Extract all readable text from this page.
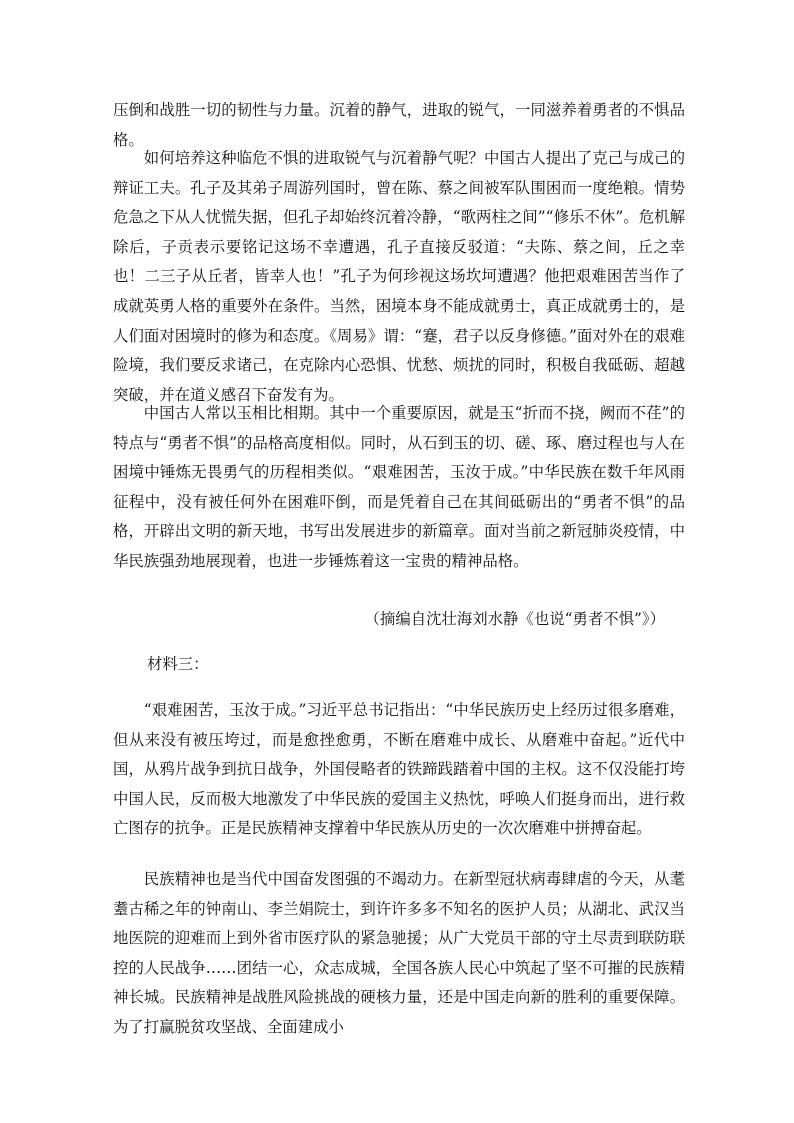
压倒和战胜一切的韧性与力量。沉着的静气，进取的锐气，一同滋养着勇者的不惧品格。

如何培养这种临危不惧的进取锐气与沉着静气呢？中国古人提出了克己与成己的辩证工夫。孔子及其弟子周游列国时，曾在陈、蔡之间被军队围困而一度绝粮。情势危急之下从人忧慌失据，但孔子却始终沉着冷静，“歌两柱之间”“修乐不休”。危机解除后，子贡表示要铭记这场不幸遭遇，孔子直接反驳道：“夫陈、蔡之间，丘之幸也！二三子从丘者，皆幸人也！”孔子为何珍视这场坎坷遭遇？他把艰难困苦当作了成就英勇人格的重要外在条件。当然，困境本身不能成就勇士，真正成就勇士的，是人们面对困境时的修为和态度。《周易》谓：“蹇，君子以反身修德。”面对外在的艰难险境，我们要反求诸己，在克除内心恐惧、忧愁、烦扰的同时，积极自我砥砺、超越突破，并在道义感召下奋发有为。

中国古人常以玉相比相期。其中一个重要原因，就是玉“折而不挠，阙而不荏”的特点与“勇者不惧”的品格高度相似。同时，从石到玉的切、磋、琢、磨过程也与人在困境中锤炼无畏勇气的历程相类似。“艰难困苦，玉汝于成。”中华民族在数千年风雨征程中，没有被任何外在困难吓倒，而是凭着自己在其间砥砺出的“勇者不惧”的品格，开辟出文明的新天地，书写出发展进步的新篇章。面对当前之新冠肺炎疫情，中华民族强劲地展现着，也进一步锤炼着这一宝贵的精神品格。

（摘编自沈壮海刘水静《也说“勇者不惧”》）

材料三：

“艰难困苦，玉汝于成。”习近平总书记指出：“中华民族历史上经历过很多磨难，但从来没有被压垮过，而是愈挫愈勇，不断在磨难中成长、从磨难中奋起。”近代中国，从鸦片战争到抗日战争，外国侵略者的铁蹄践踏着中国的主权。这不仅没能打垮中国人民，反而极大地激发了中华民族的爱国主义热忱，呼唤人们挺身而出，进行救亡图存的抗争。正是民族精神支撑着中华民族从历史的一次次磨难中拼搏奋起。

民族精神也是当代中国奋发图强的不竭动力。在新型冠状病毒肆虐的今天，从耄耋古稀之年的钟南山、李兰娟院士，到许许多多不知名的医护人员；从湖北、武汉当地医院的迎难而上到外省市医疗队的紧急驰援；从广大党员干部的守土尽责到联防联控的人民战争……团结一心，众志成城，全国各族人民心中筑起了坚不可摧的民族精神长城。民族精神是战胜风险挑战的硬核力量，还是中国走向新的胜利的重要保障。为了打赢脱贫攻坚战、全面建成小
